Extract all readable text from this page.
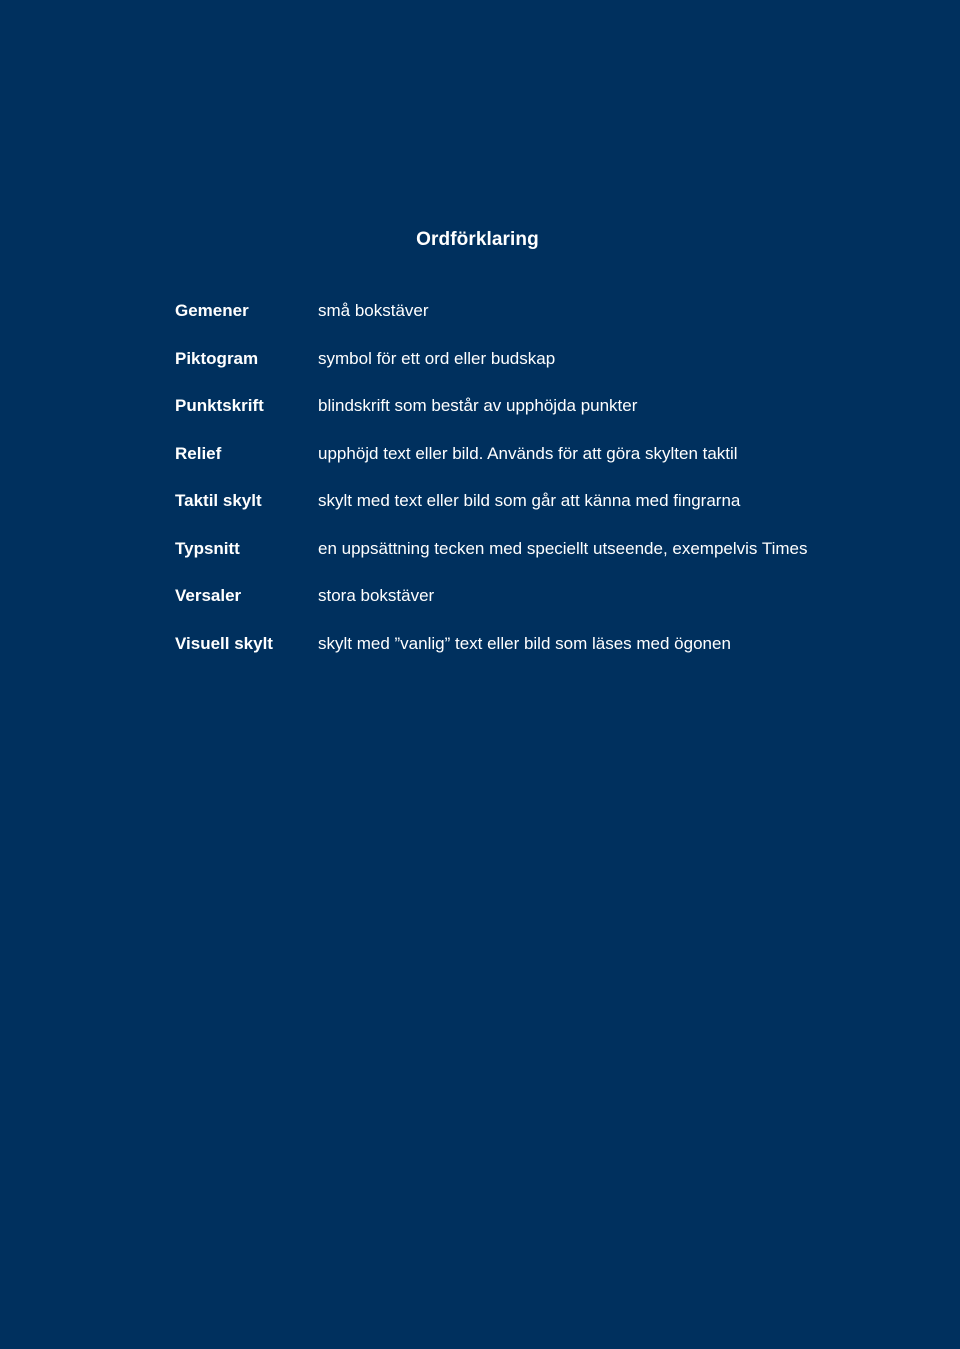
Ordförklaring
Gemener	små bokstäver
Piktogram	symbol för ett ord eller budskap
Punktskrift	blindskrift som består av upphöjda punkter
Relief	upphöjd text eller bild. Används för att göra skylten taktil
Taktil skylt	skylt med text eller bild som går att känna med fingrarna
Typsnitt	en uppsättning tecken med speciellt utseende, exempelvis Times
Versaler	stora bokstäver
Visuell skylt	skylt med ”vanlig” text eller bild som läses med ögonen
